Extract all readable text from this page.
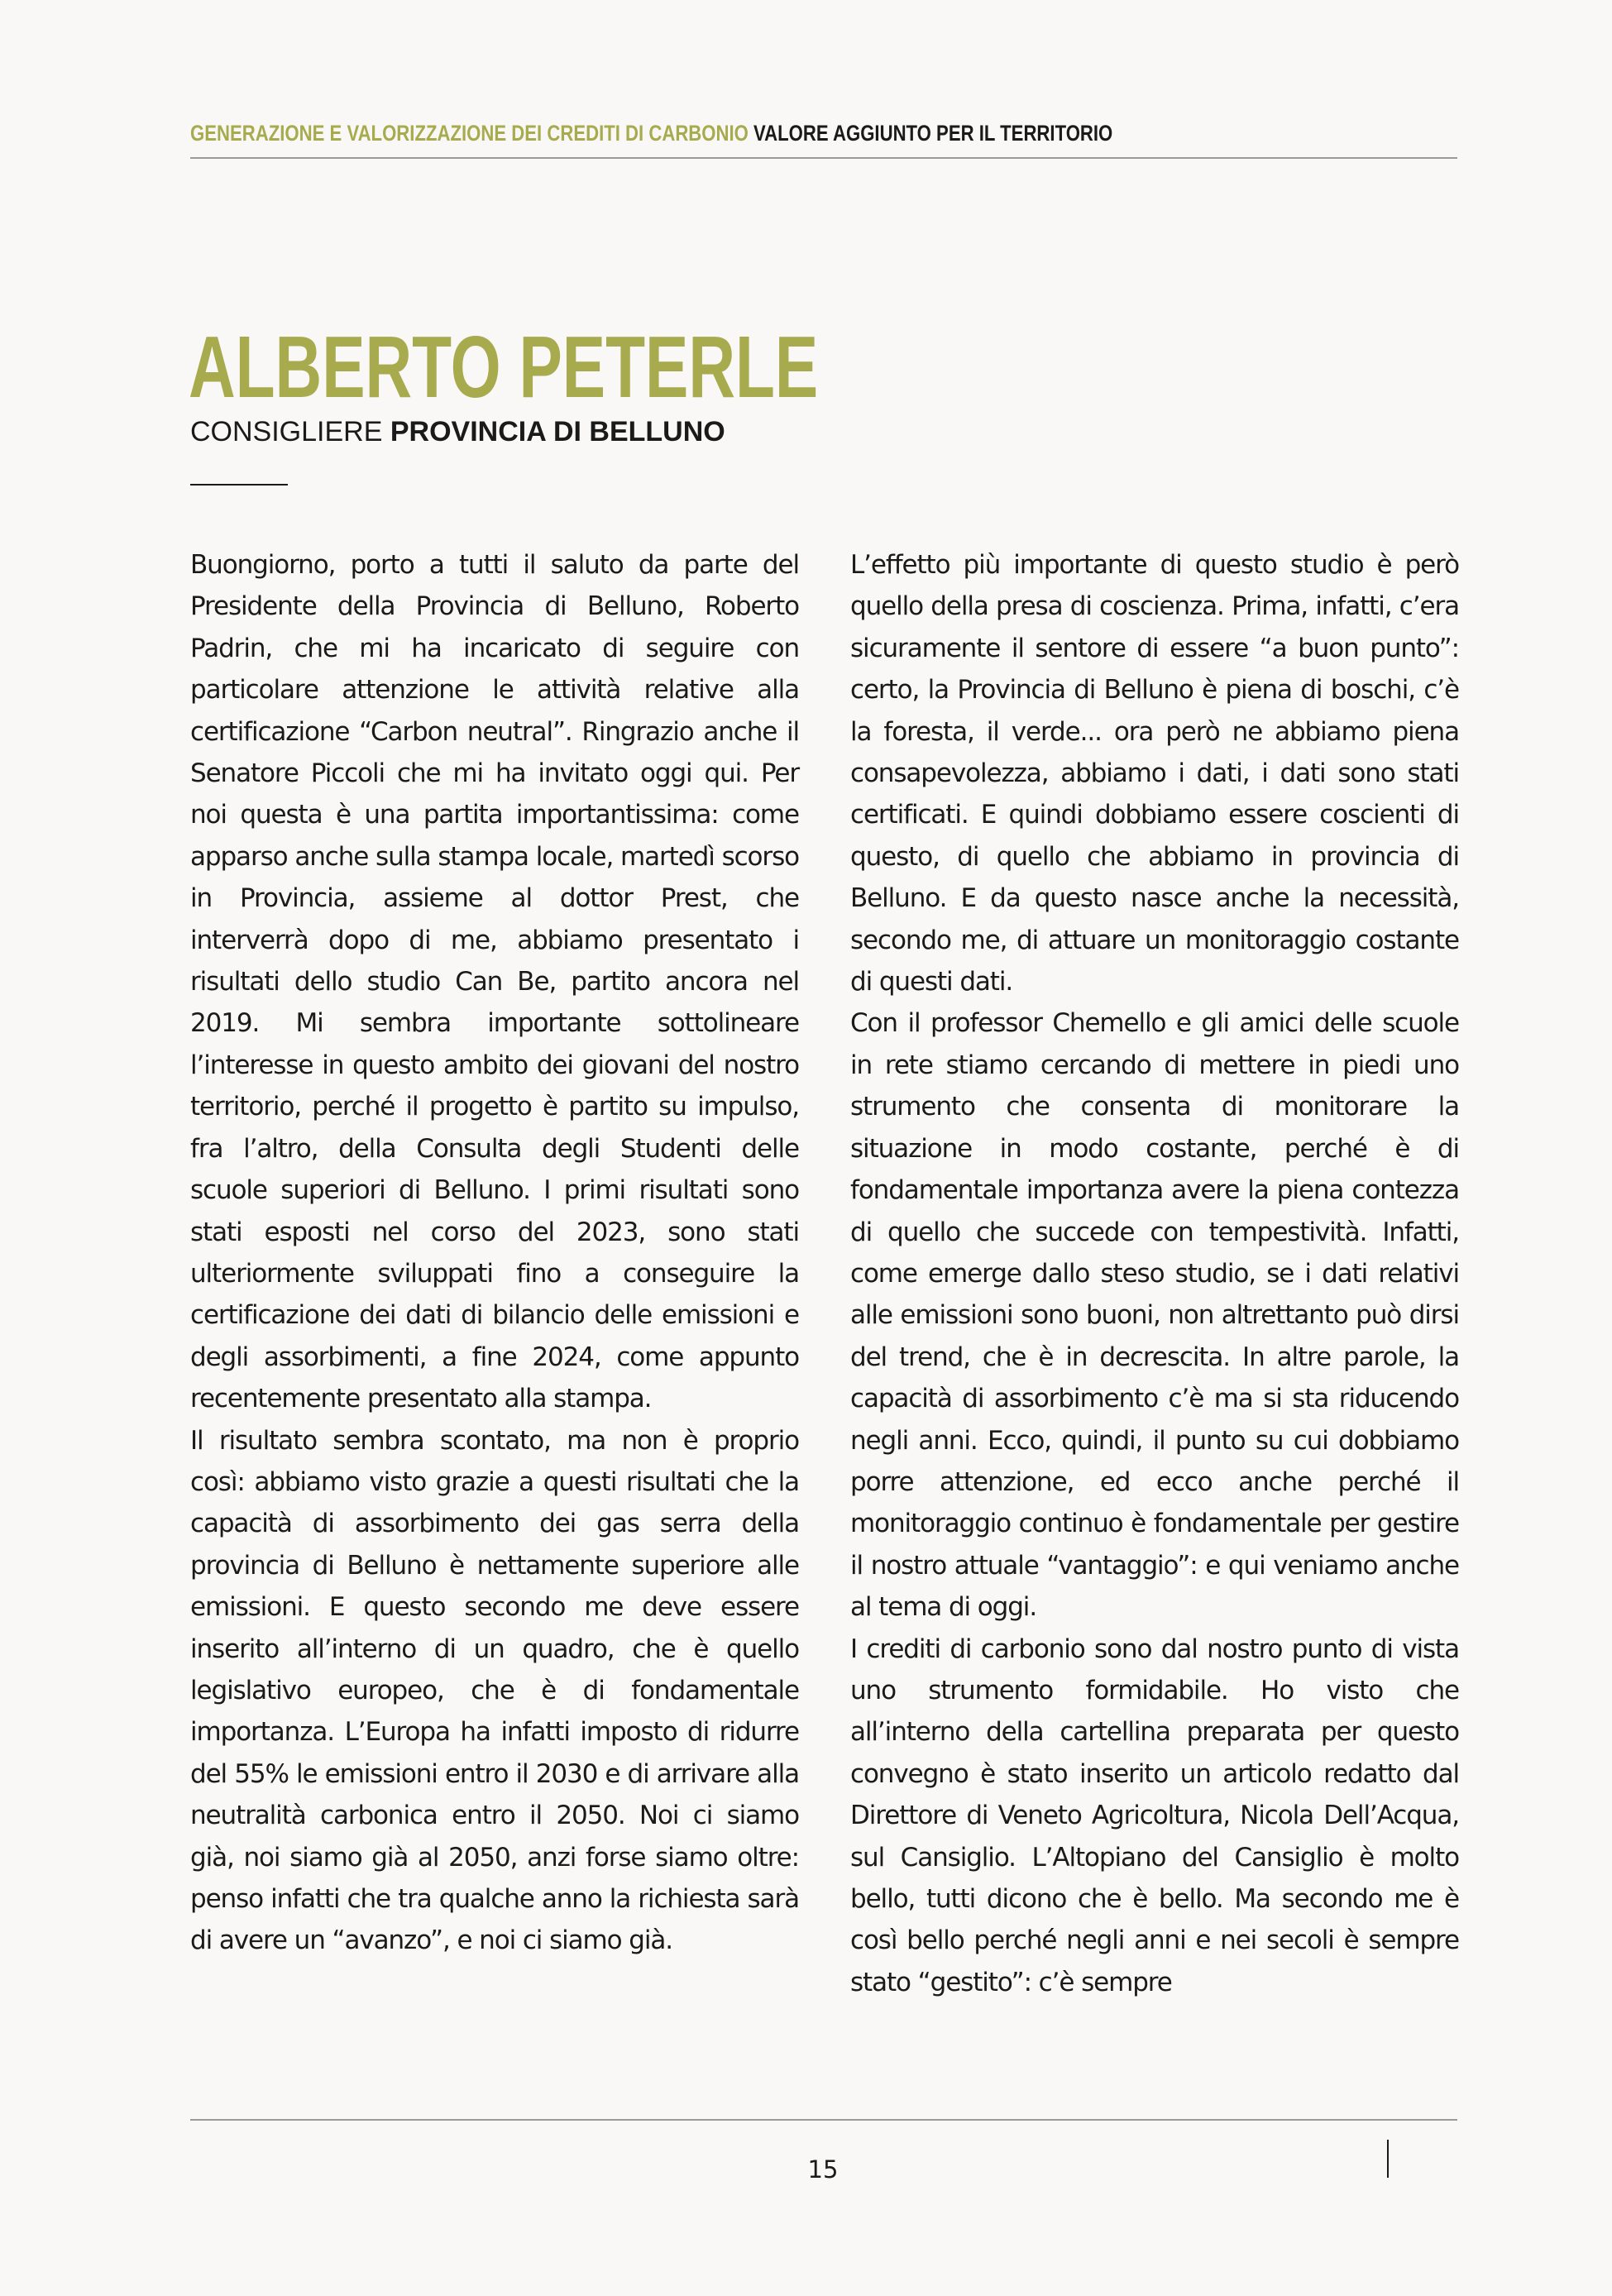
GENERAZIONE E VALORIZZAZIONE DEI CREDITI DI CARBONIO VALORE AGGIUNTO PER IL TERRITORIO
ALBERTO PETERLE
CONSIGLIERE PROVINCIA DI BELLUNO

Buongiorno, porto a tutti il saluto da parte del Presidente della Provincia di Belluno, Roberto Padrin, che mi ha incaricato di seguire con particolare attenzione le attività relative alla certificazione “Carbon neutral”. Ringrazio anche il Senatore Piccoli che mi ha invitato oggi qui. Per noi questa è una partita importantissima: come apparso anche sulla stampa locale, martedì scorso in Provincia, assieme al dottor Prest, che interverrà dopo di me, abbiamo presentato i risultati dello studio Can Be, partito ancora nel 2019. Mi sembra importante sottolineare l’interesse in questo ambito dei giovani del nostro territorio, perché il progetto è partito su impulso, fra l’altro, della Consulta degli Studenti delle scuole superiori di Belluno. I primi risultati sono stati esposti nel corso del 2023, sono stati ulteriormente sviluppati fino a conseguire la certificazione dei dati di bilancio delle emissioni e degli assorbimenti, a fine 2024, come appunto recentemente presentato alla stampa.

Il risultato sembra scontato, ma non è proprio così: abbiamo visto grazie a questi risultati che la capacità di assorbimento dei gas serra della provincia di Belluno è nettamente superiore alle emissioni. E questo secondo me deve essere inserito all’interno di un quadro, che è quello legislativo europeo, che è di fondamentale importanza. L’Europa ha infatti imposto di ridurre del 55% le emissioni entro il 2030 e di arrivare alla neutralità carbonica entro il 2050. Noi ci siamo già, noi siamo già al 2050, anzi forse siamo oltre: penso infatti che tra qualche anno la richiesta sarà di avere un “avanzo”, e noi ci siamo già.

L’effetto più importante di questo studio è però quello della presa di coscienza. Prima, infatti, c’era sicuramente il sentore di essere “a buon punto”: certo, la Provincia di Belluno è piena di boschi, c’è la foresta, il verde... ora però ne abbiamo piena consapevolezza, abbiamo i dati, i dati sono stati certificati. E quindi dobbiamo essere coscienti di questo, di quello che abbiamo in provincia di Belluno. E da questo nasce anche la necessità, secondo me, di attuare un monitoraggio costante di questi dati.

Con il professor Chemello e gli amici delle scuole in rete stiamo cercando di mettere in piedi uno strumento che consenta di monitorare la situazione in modo costante, perché è di fondamentale importanza avere la piena contezza di quello che succede con tempestività. Infatti, come emerge dallo steso studio, se i dati relativi alle emissioni sono buoni, non altrettanto può dirsi del trend, che è in decrescita. In altre parole, la capacità di assorbimento c’è ma si sta riducendo negli anni. Ecco, quindi, il punto su cui dobbiamo porre attenzione, ed ecco anche perché il monitoraggio continuo è fondamentale per gestire il nostro attuale “vantaggio”: e qui veniamo anche al tema di oggi.

I crediti di carbonio sono dal nostro punto di vista uno strumento formidabile. Ho visto che all’interno della cartellina preparata per questo convegno è stato inserito un articolo redatto dal Direttore di Veneto Agricoltura, Nicola Dell’Acqua, sul Cansiglio. L’Altopiano del Cansiglio è molto bello, tutti dicono che è bello. Ma secondo me è così bello perché negli anni e nei secoli è sempre stato “gestito”: c’è sempre

15
